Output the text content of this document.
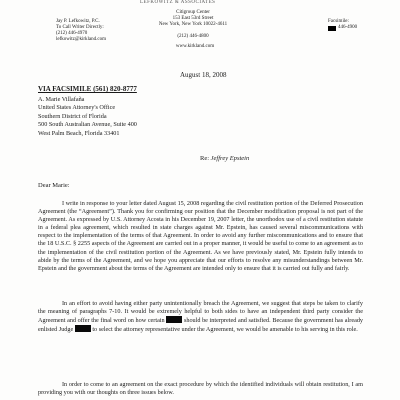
LEFKOWITZ & ASSOCIATES
Jay P. Lefkowitz, P.C.
To Call Writer Directly:
(212) 446-4970
lefkowitz@kirkland.com
Citigroup Center
153 East 53rd Street
New York, New York 10022-4611
(212) 446-4800
Facsimile:
446-4900
www.kirkland.com
August 18, 2008
VIA FACSIMILE (561) 820-8777
A. Marie Villafaña
United States Attorney's Office
Southern District of Florida
500 South Australian Avenue, Suite 400
West Palm Beach, Florida 33401
Re: Jeffrey Epstein
Dear Marie:
I write in response to your letter dated August 15, 2008 regarding the civil restitution portion of the Deferred Prosecution Agreement (the “Agreement”). Thank you for confirming our position that the December modification proposal is not part of the Agreement. As expressed by U.S. Attorney Acosta in his December 19, 2007 letter, the unorthodox use of a civil restitution statute in a federal plea agreement, which resulted in state charges against Mr. Epstein, has caused several miscommunications with respect to the implementation of the terms of that Agreement. In order to avoid any further miscommunications and to ensure that the 18 U.S.C. § 2255 aspects of the Agreement are carried out in a proper manner, it would be useful to come to an agreement as to the implementation of the civil restitution portion of the Agreement. As we have previously stated, Mr. Epstein fully intends to abide by the terms of the Agreement, and we hope you appreciate that our efforts to resolve any misunderstandings between Mr. Epstein and the government about the terms of the Agreement are intended only to ensure that it is carried out fully and fairly.
In an effort to avoid having either party unintentionally breach the Agreement, we suggest that steps be taken to clarify the meaning of paragraphs 7-10. It would be extremely helpful to both sides to have an independent third party consider the Agreement and offer the final word on how certain	should be interpreted and satisfied. Because the government has already enlisted Judge	to select the attorney representative under the Agreement, we would be amenable to his serving in this role.
In order to come to an agreement on the exact procedure by which the identified individuals will obtain restitution, I am providing you with our thoughts on three issues below.
